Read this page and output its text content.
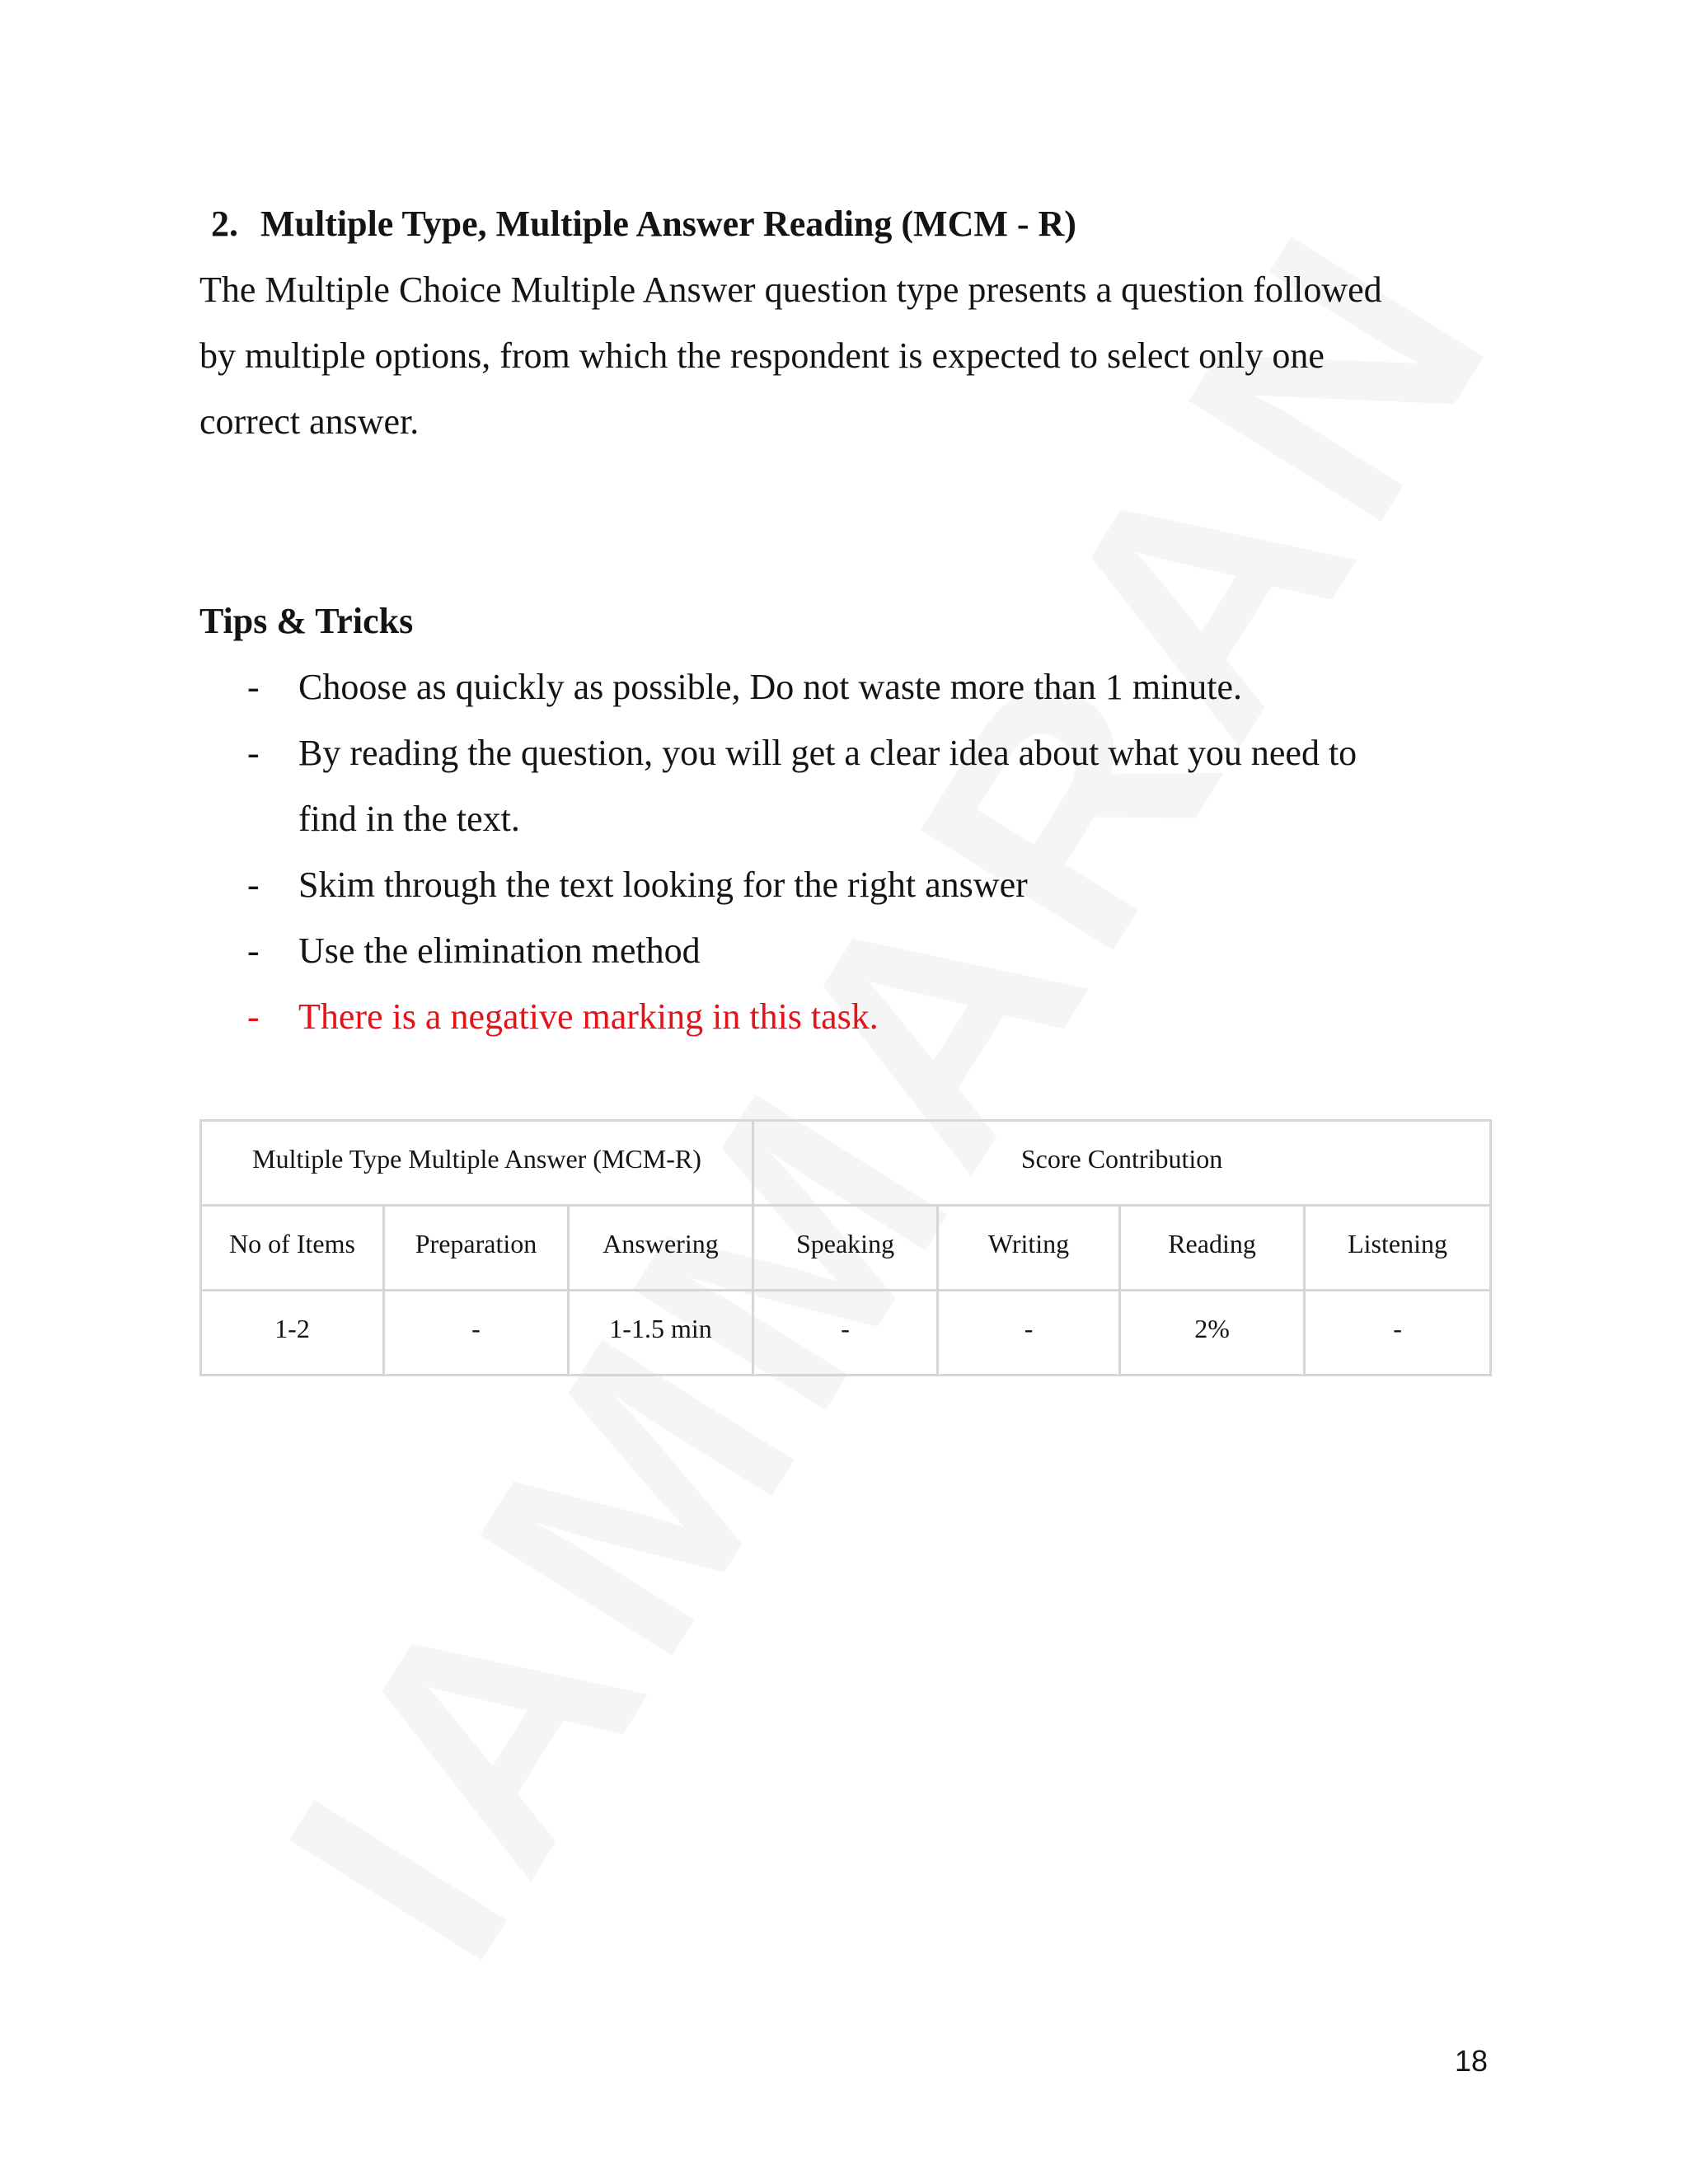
2. Multiple Type, Multiple Answer Reading (MCM - R)

The Multiple Choice Multiple Answer question type presents a question followed

by multiple options, from which the respondent is expected to select only one

correct answer.

Tips & Tricks
- Choose as quickly as possible, Do not waste more than 1 minute.
- By reading the question, you will get a clear idea about what you need to
find in the text.
- Skim through the text looking for the right answer
- Use the elimination method
- There is a negative marking in this task.
Multiple Type Multiple Answer (MCM-R)			Score Contribution			
No of Items	Preparation	Answering	Speaking	Writing	Reading	Listening
1-2	-	1-1.5 min	-	-	2%	-
18
